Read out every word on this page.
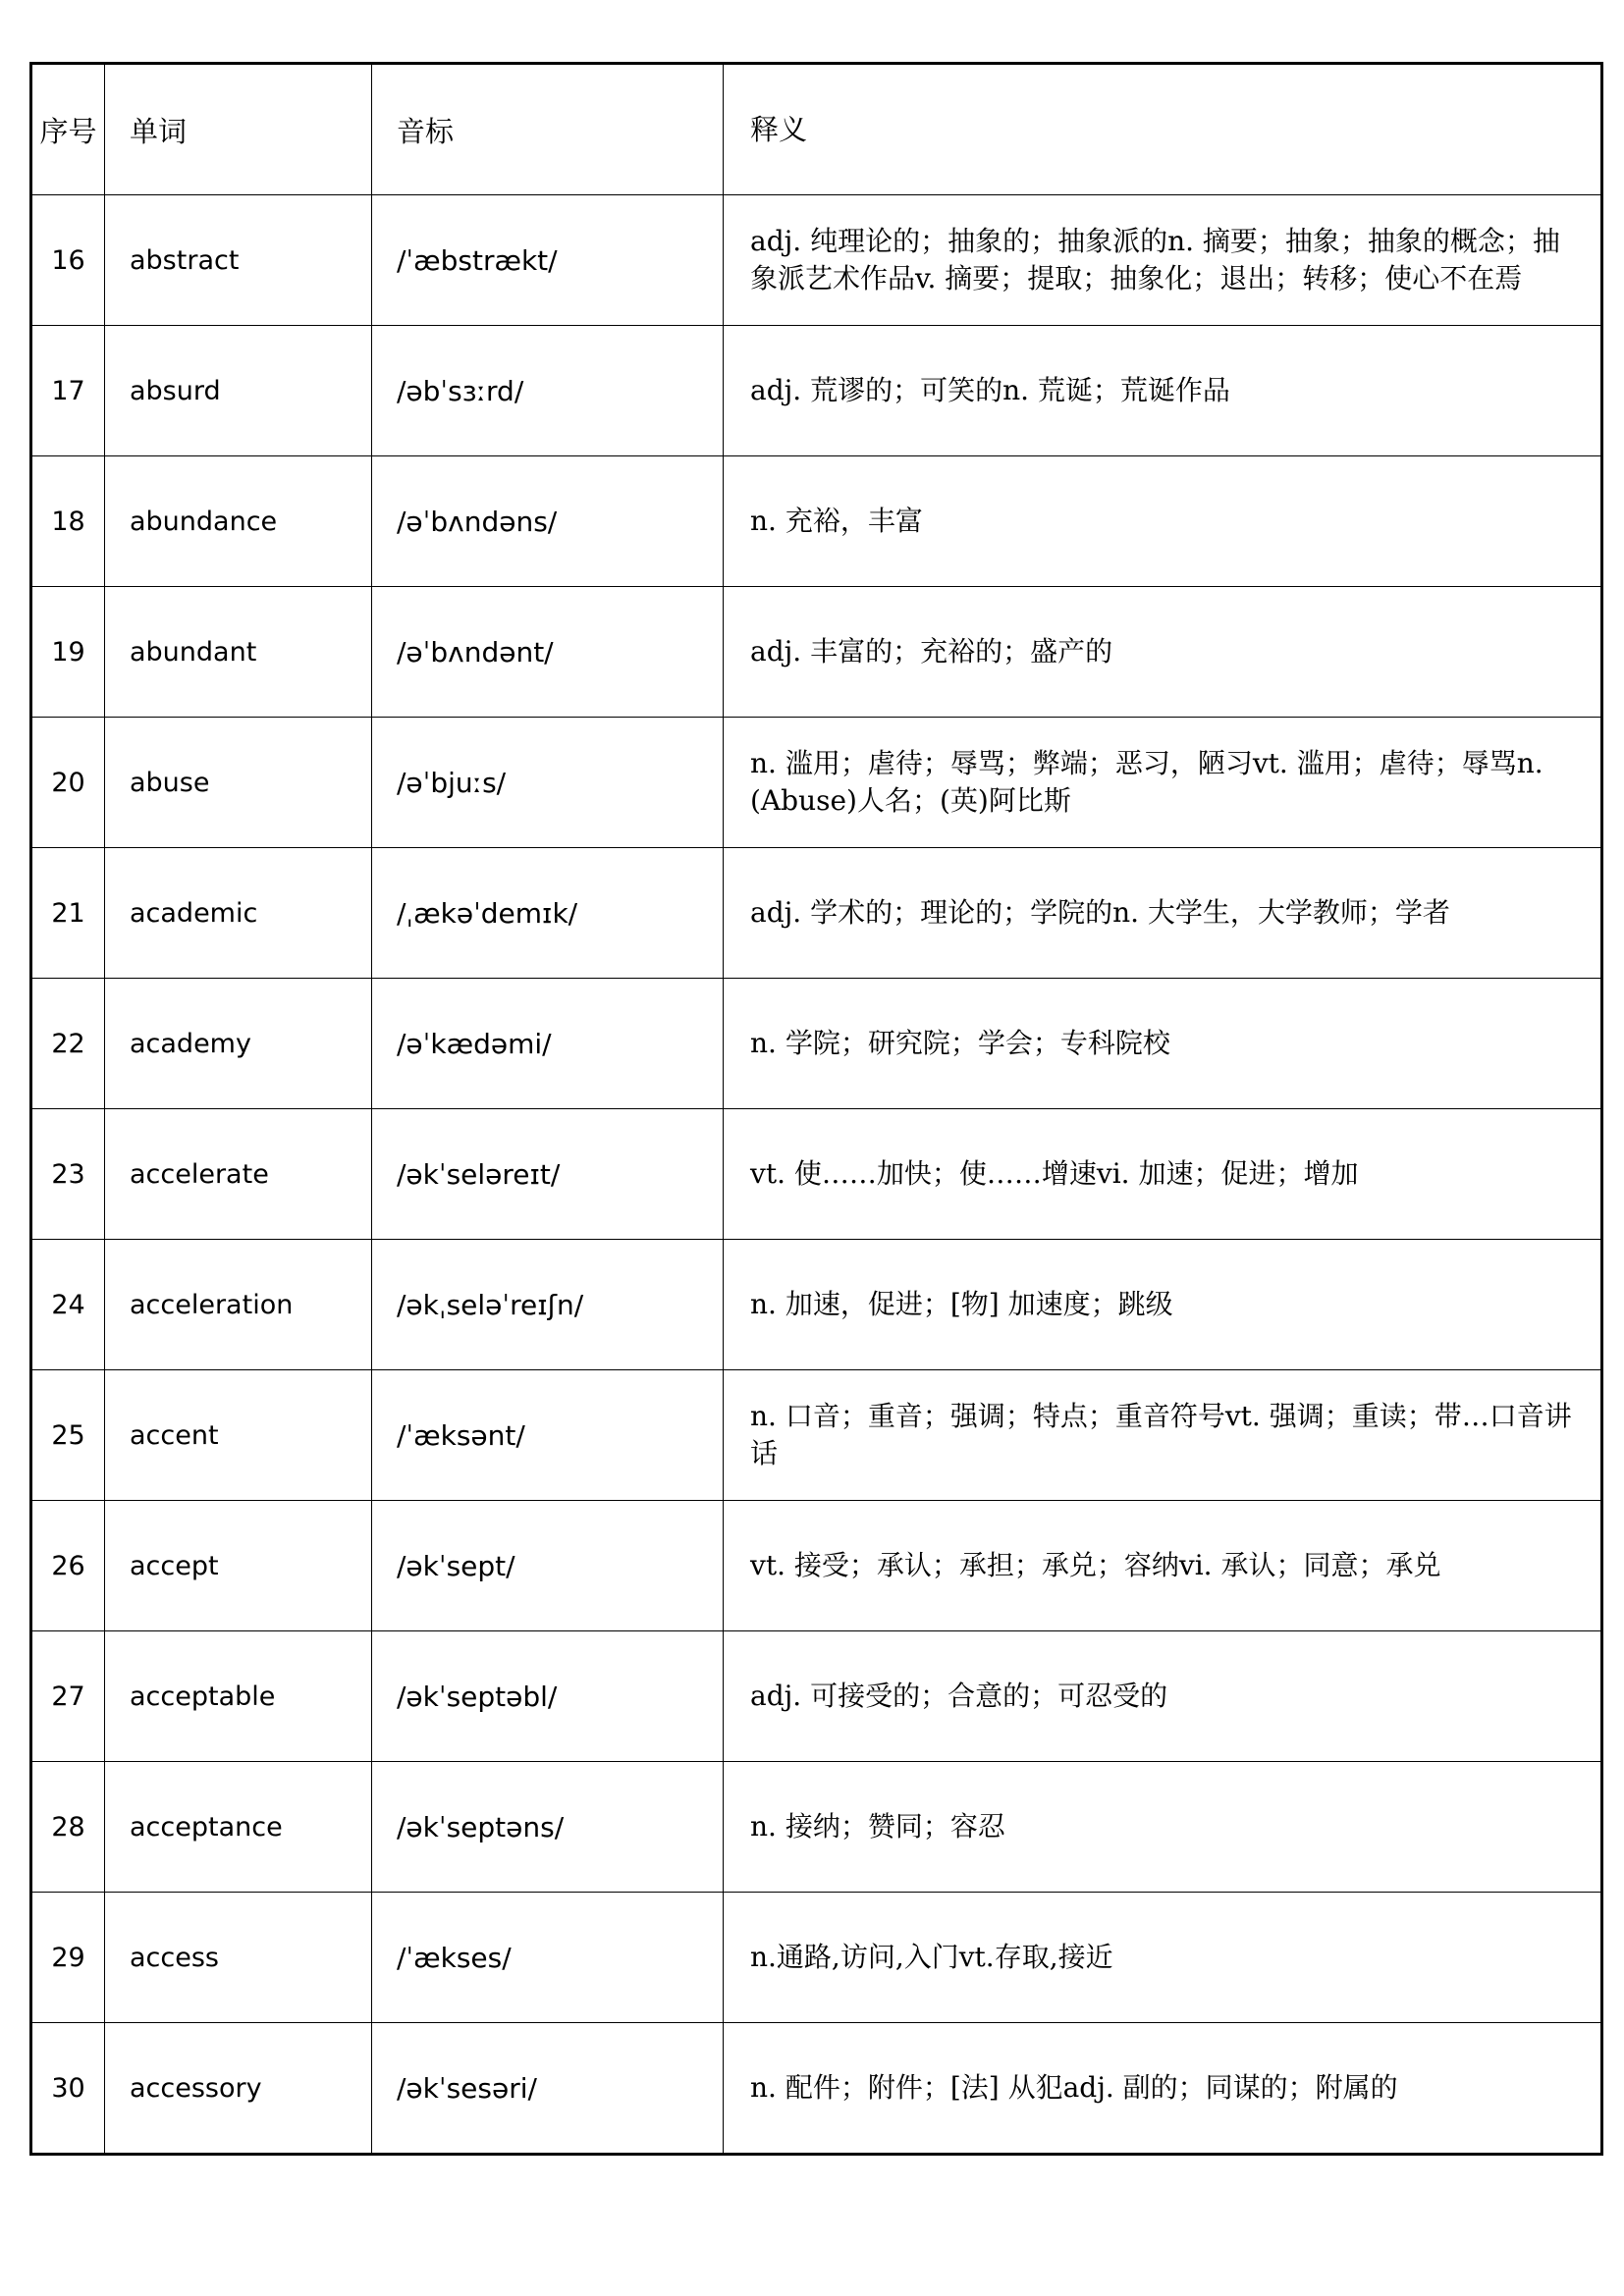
序号	单词	音标	释义
16	abstract	/ˈæbstrækt/	adj. 纯理论的；抽象的；抽象派的n. 摘要；抽象；抽象的概念；抽象派艺术作品v. 摘要；提取；抽象化；退出；转移；使心不在焉
17	absurd	/əbˈsɜːrd/	adj. 荒谬的；可笑的n. 荒诞；荒诞作品
18	abundance	/əˈbʌndəns/	n. 充裕，丰富
19	abundant	/əˈbʌndənt/	adj. 丰富的；充裕的；盛产的
20	abuse	/əˈbjuːs/	n. 滥用；虐待；辱骂；弊端；恶习，陋习vt. 滥用；虐待；辱骂n. (Abuse)人名；(英)阿比斯
21	academic	/ˌækəˈdemɪk/	adj. 学术的；理论的；学院的n. 大学生，大学教师；学者
22	academy	/əˈkædəmi/	n. 学院；研究院；学会；专科院校
23	accelerate	/əkˈseləreɪt/	vt. 使……加快；使……增速vi. 加速；促进；增加
24	acceleration	/əkˌseləˈreɪʃn/	n. 加速，促进；[物] 加速度；跳级
25	accent	/ˈæksənt/	n. 口音；重音；强调；特点；重音符号vt. 强调；重读；带…口音讲话
26	accept	/əkˈsept/	vt. 接受；承认；承担；承兑；容纳vi. 承认；同意；承兑
27	acceptable	/əkˈseptəbl/	adj. 可接受的；合意的；可忍受的
28	acceptance	/əkˈseptəns/	n. 接纳；赞同；容忍
29	access	/ˈækses/	n.通路,访问,入门vt.存取,接近
30	accessory	/əkˈsesəri/	n. 配件；附件；[法] 从犯adj. 副的；同谋的；附属的
